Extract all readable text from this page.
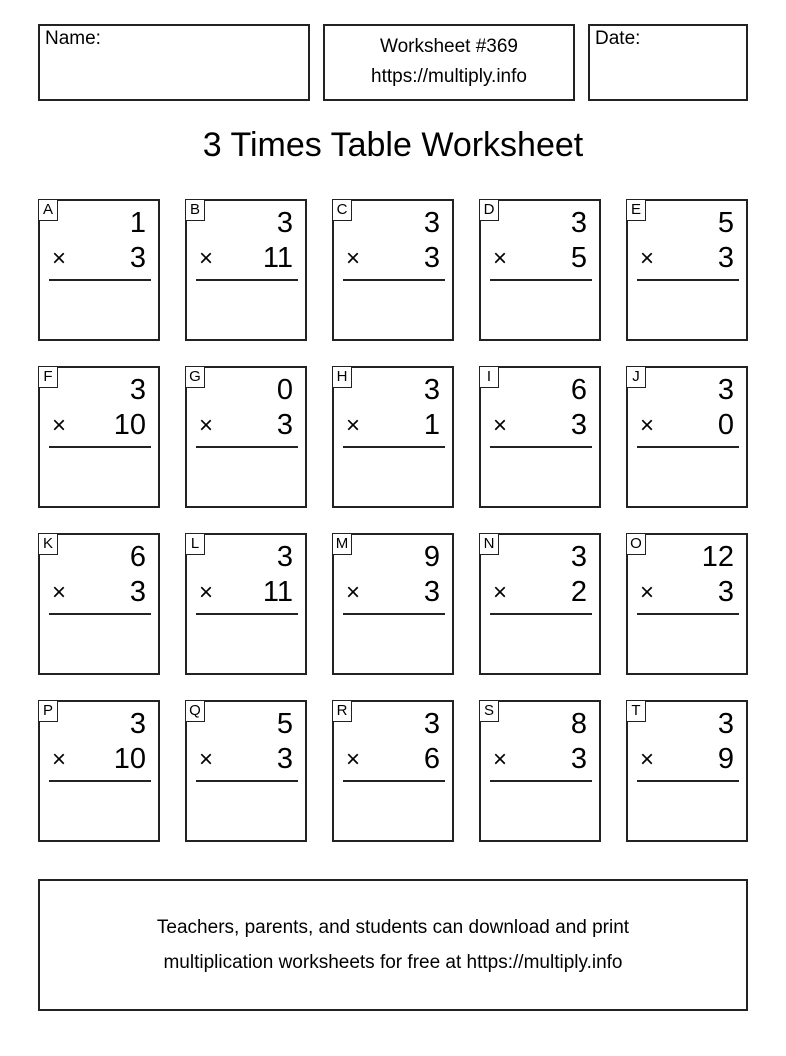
Name:	Worksheet #369
https://multiply.info
Date:
3 Times Table Worksheet
A	1
× 3
B	3
× 11
C	3
× 3
D	3
× 5
E	5
× 3
F	3
× 10
G	0
× 3
H	3
× 1
I	6
× 3
J	3
× 0
K	6
× 3
L	3
× 11
M	9
× 3
N	3
× 2
O 12
× 3
P	3
× 10
Q	5
× 3
R	3
× 6
S	8
× 3
T	3
× 9
Teachers, parents, and students can download and print
multiplication worksheets for free at https://multiply.info
